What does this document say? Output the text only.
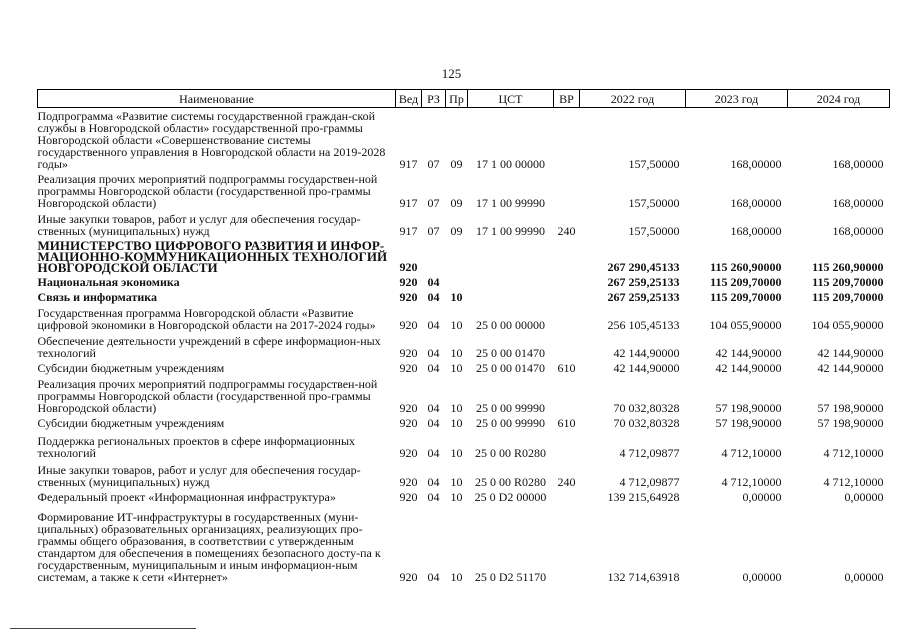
125
Наименование	Вед	РЗ	Пр	ЦСТ	ВР	2022 год	2023 год	2024 год
Подпрограмма «Развитие системы государственной граждан-ской службы в Новгородской области» государственной про-граммы Новгородской области «Совершенствование системы государственного управления в Новгородской области на 2019-2028 годы»	917	07	09	17 1 00 00000		157,50000	168,00000	168,00000
Реализация прочих мероприятий подпрограммы государствен-ной программы Новгородской области (государственной про-граммы Новгородской области)	917	07	09	17 1 00 99990		157,50000	168,00000	168,00000
Иные закупки товаров, работ и услуг для обеспечения государ-ственных (муниципальных) нужд	917	07	09	17 1 00 99990	240	157,50000	168,00000	168,00000
МИНИСТЕРСТВО ЦИФРОВОГО РАЗВИТИЯ И ИНФОР-МАЦИОННО-КОММУНИКАЦИОННЫХ ТЕХНОЛОГИЙ НОВГОРОДСКОЙ ОБЛАСТИ	920					267 290,45133	115 260,90000	115 260,90000
Национальная экономика	920	04				267 259,25133	115 209,70000	115 209,70000
Связь и информатика	920	04	10			267 259,25133	115 209,70000	115 209,70000
Государственная программа Новгородской области «Развитие цифровой экономики в Новгородской области на 2017-2024 годы»	920	04	10	25 0 00 00000		256 105,45133	104 055,90000	104 055,90000
Обеспечение деятельности учреждений в сфере информацион-ных технологий	920	04	10	25 0 00 01470		42 144,90000	42 144,90000	42 144,90000
Субсидии бюджетным учреждениям	920	04	10	25 0 00 01470	610	42 144,90000	42 144,90000	42 144,90000
Реализация прочих мероприятий подпрограммы государствен-ной программы Новгородской области (государственной про-граммы Новгородской области)	920	04	10	25 0 00 99990		70 032,80328	57 198,90000	57 198,90000
Субсидии бюджетным учреждениям	920	04	10	25 0 00 99990	610	70 032,80328	57 198,90000	57 198,90000
Поддержка региональных проектов в сфере информационных технологий	920	04	10	25 0 00 R0280		4 712,09877	4 712,10000	4 712,10000
Иные закупки товаров, работ и услуг для обеспечения государ-ственных (муниципальных) нужд	920	04	10	25 0 00 R0280	240	4 712,09877	4 712,10000	4 712,10000
Федеральный проект «Информационная инфраструктура»	920	04	10	25 0 D2 00000		139 215,64928	0,00000	0,00000
Формирование ИТ-инфраструктуры в государственных (муни-ципальных) образовательных организациях, реализующих про-граммы общего образования, в соответствии с утвержденным стандартом для обеспечения в помещениях безопасного досту-па к государственным, муниципальным и иным информацион-ным системам, а также к сети «Интернет»	920	04	10	25 0 D2 51170		132 714,63918	0,00000	0,00000
